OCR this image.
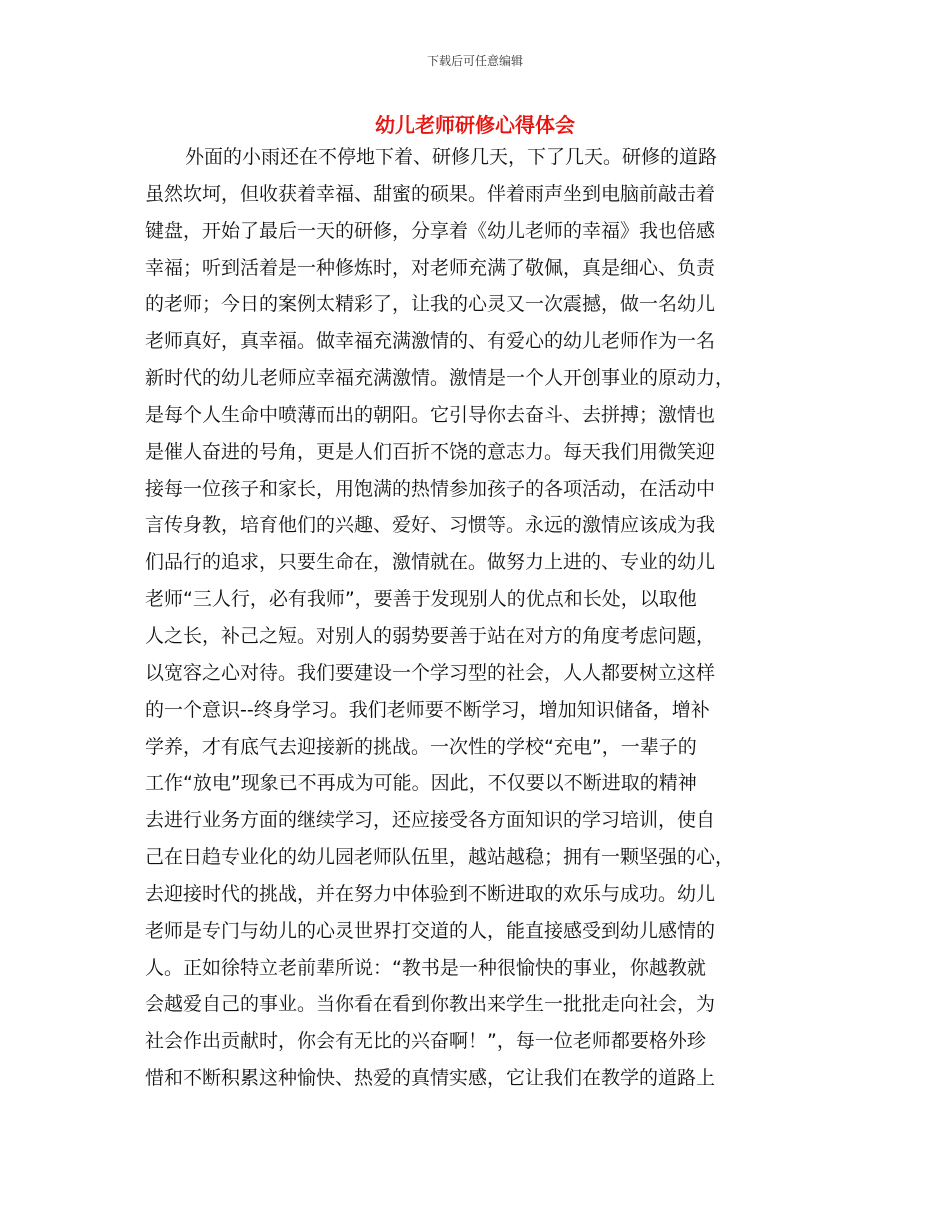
下载后可任意编辑
幼儿老师研修心得体会
外面的小雨还在不停地下着、研修几天，下了几天。研修的道路
虽然坎坷，但收获着幸福、甜蜜的硕果。伴着雨声坐到电脑前敲击着
键盘，开始了最后一天的研修，分享着《幼儿老师的幸福》我也倍感
幸福；听到活着是一种修炼时，对老师充满了敬佩，真是细心、负责
的老师；今日的案例太精彩了，让我的心灵又一次震撼，做一名幼儿
老师真好，真幸福。做幸福充满激情的、有爱心的幼儿老师作为一名
新时代的幼儿老师应幸福充满激情。激情是一个人开创事业的原动力，
是每个人生命中喷薄而出的朝阳。它引导你去奋斗、去拼搏；激情也
是催人奋进的号角，更是人们百折不饶的意志力。每天我们用微笑迎
接每一位孩子和家长，用饱满的热情参加孩子的各项活动，在活动中
言传身教，培育他们的兴趣、爱好、习惯等。永远的激情应该成为我
们品行的追求，只要生命在，激情就在。做努力上进的、专业的幼儿
老师“三人行，必有我师”，要善于发现别人的优点和长处，以取他
人之长，补己之短。对别人的弱势要善于站在对方的角度考虑问题，
以宽容之心对待。我们要建设一个学习型的社会，人人都要树立这样
的一个意识--终身学习。我们老师要不断学习，增加知识储备，增补
学养，才有底气去迎接新的挑战。一次性的学校“充电”，一辈子的
工作“放电”现象已不再成为可能。因此，不仅要以不断进取的精神
去进行业务方面的继续学习，还应接受各方面知识的学习培训，使自
己在日趋专业化的幼儿园老师队伍里，越站越稳；拥有一颗坚强的心，
去迎接时代的挑战，并在努力中体验到不断进取的欢乐与成功。幼儿
老师是专门与幼儿的心灵世界打交道的人，能直接感受到幼儿感情的
人。正如徐特立老前辈所说：“教书是一种很愉快的事业，你越教就
会越爱自己的事业。当你看在看到你教出来学生一批批走向社会，为
社会作出贡献时，你会有无比的兴奋啊！”，每一位老师都要格外珍
惜和不断积累这种愉快、热爱的真情实感，它让我们在教学的道路上
